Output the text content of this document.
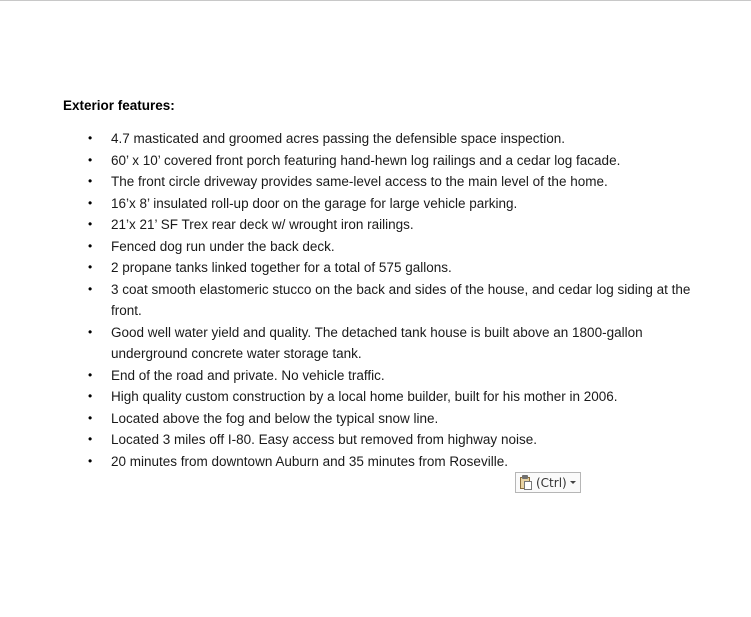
Exterior features:
• 4.7 masticated and groomed acres passing the defensible space inspection.
• 60’ x 10’ covered front porch featuring hand-hewn log railings and a cedar log facade.
• The front circle driveway provides same-level access to the main level of the home.
• 16’x 8’ insulated roll-up door on the garage for large vehicle parking.
• 21’x 21’ SF Trex rear deck w/ wrought iron railings.
• Fenced dog run under the back deck.
• 2 propane tanks linked together for a total of 575 gallons.
• 3 coat smooth elastomeric stucco on the back and sides of the house, and cedar log siding at the front.
• Good well water yield and quality. The detached tank house is built above an 1800-gallon underground concrete water storage tank.
• End of the road and private. No vehicle traffic.
• High quality custom construction by a local home builder, built for his mother in 2006.
• Located above the fog and below the typical snow line.
• Located 3 miles off I-80. Easy access but removed from highway noise.
• 20 minutes from downtown Auburn and 35 minutes from Roseville.
(Ctrl)
